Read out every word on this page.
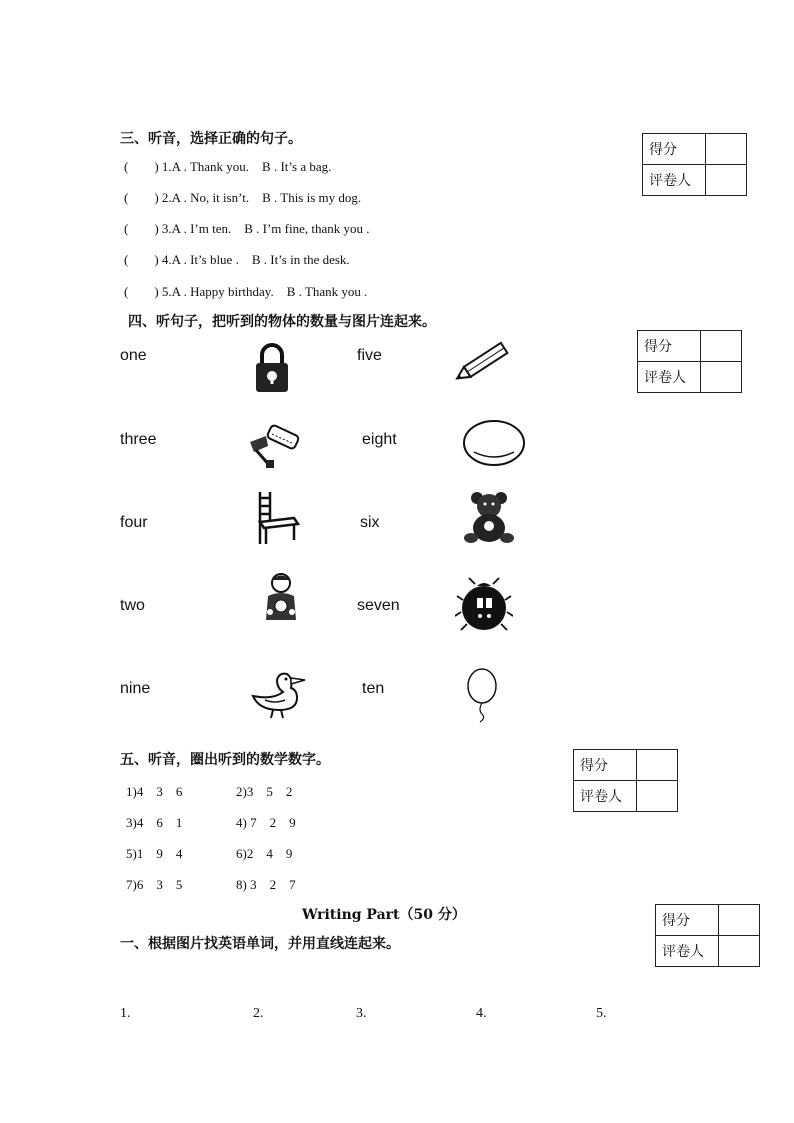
三、听音，选择正确的句子。
(　　) 1.A . Thank you.　B . It’s a bag.
(　　) 2.A . No, it isn’t.　B . This is my dog.
(　　) 3.A . I’m ten.　B . I’m fine, thank you .
(　　) 4.A . It’s blue .　B . It’s in the desk.
(　　) 5.A . Happy birthday.　B . Thank you .
得分	
评卷人	
四、听句子，把听到的物体的数量与图片连起来。
得分	
评卷人	
one
three
four
two
nine
five
eight
six
seven
ten
五、听音，圈出听到的数学数字。	得分	
评卷人	
1)4　3　6	2)3　5　2
3)4　6　1	4) 7　2　9
5)1　9　4	6)2　4　9
7)6　3　5	8) 3　2　7
Writing Part（50 分）	得分	
评卷人	
一、根据图片找英语单词，并用直线连起来。
1.	2.	3.	4.	5.
